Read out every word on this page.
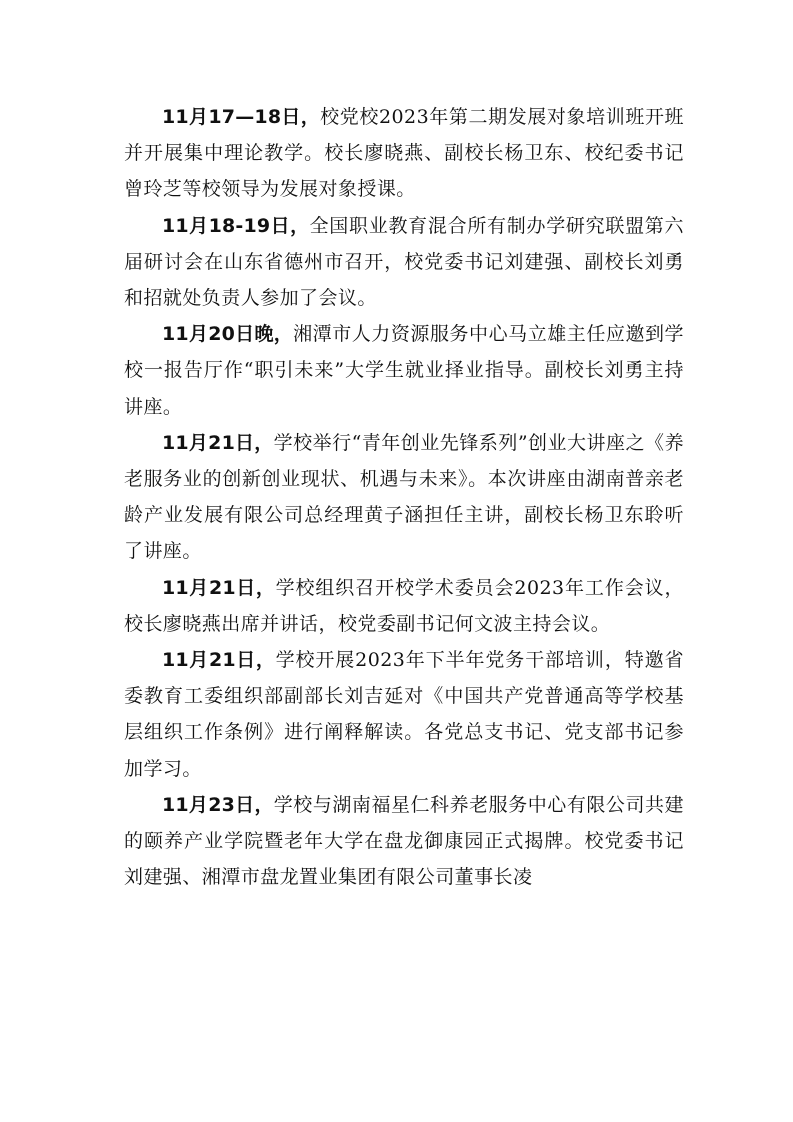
11月17—18日，校党校2023年第二期发展对象培训班开班并开展集中理论教学。校长廖晓燕、副校长杨卫东、校纪委书记曾玲芝等校领导为发展对象授课。

11月18-19日，全国职业教育混合所有制办学研究联盟第六届研讨会在山东省德州市召开，校党委书记刘建强、副校长刘勇和招就处负责人参加了会议。

11月20日晚，湘潭市人力资源服务中心马立雄主任应邀到学校一报告厅作“职引未来”大学生就业择业指导。副校长刘勇主持讲座。

11月21日，学校举行“青年创业先锋系列”创业大讲座之《养老服务业的创新创业现状、机遇与未来》。本次讲座由湖南普亲老龄产业发展有限公司总经理黄子涵担任主讲，副校长杨卫东聆听了讲座。

11月21日，学校组织召开校学术委员会2023年工作会议，校长廖晓燕出席并讲话，校党委副书记何文波主持会议。

11月21日，学校开展2023年下半年党务干部培训，特邀省委教育工委组织部副部长刘吉延对《中国共产党普通高等学校基层组织工作条例》进行阐释解读。各党总支书记、党支部书记参加学习。

11月23日，学校与湖南福星仁科养老服务中心有限公司共建的颐养产业学院暨老年大学在盘龙御康园正式揭牌。校党委书记刘建强、湘潭市盘龙置业集团有限公司董事长凌
